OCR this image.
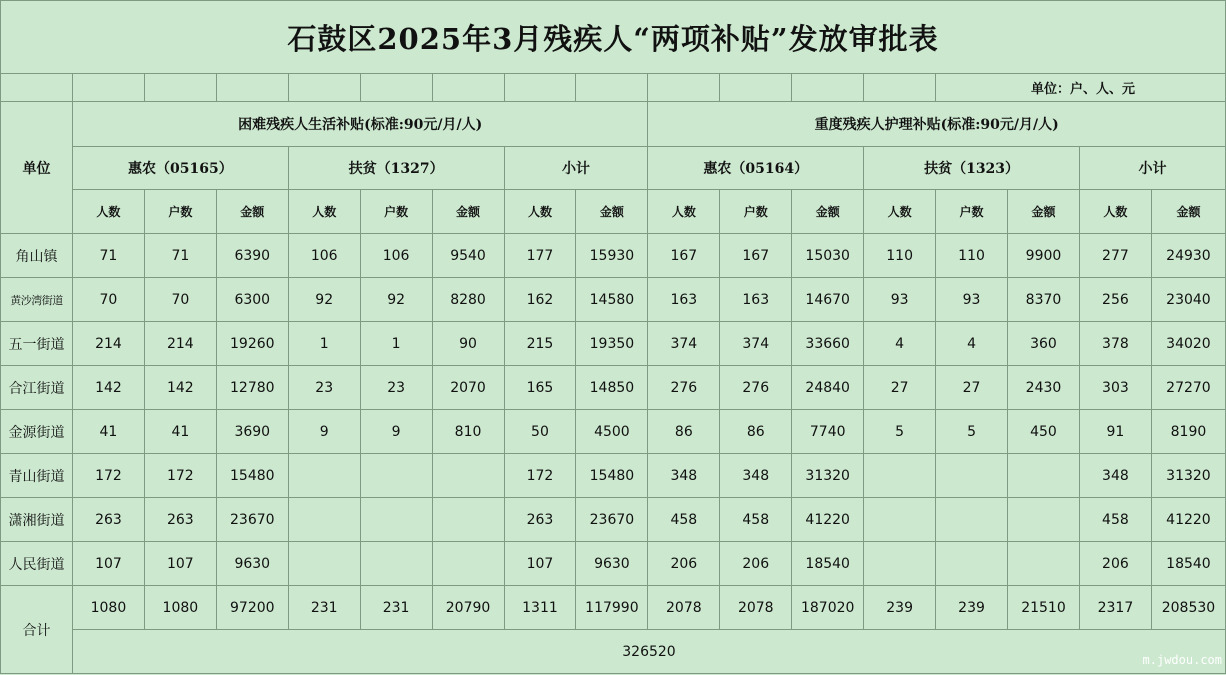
石鼓区2025年3月残疾人“两项补贴”发放审批表																
													单位：户、人、元			
单位	困难残疾人生活补贴(标准:90元/月/人)								重度残疾人护理补贴(标准:90元/月/人)							
	惠农（05165）			扶贫（1327）			小计		惠农（05164）			扶贫（1323）			小计	
	人数	户数	金额	人数	户数	金额	人数	金额	人数	户数	金额	人数	户数	金额	人数	金额
角山镇	71	71	6390	106	106	9540	177	15930	167	167	15030	110	110	9900	277	24930
黄沙湾街道	70	70	6300	92	92	8280	162	14580	163	163	14670	93	93	8370	256	23040
五一街道	214	214	19260	1	1	90	215	19350	374	374	33660	4	4	360	378	34020
合江街道	142	142	12780	23	23	2070	165	14850	276	276	24840	27	27	2430	303	27270
金源街道	41	41	3690	9	9	810	50	4500	86	86	7740	5	5	450	91	8190
青山街道	172	172	15480				172	15480	348	348	31320				348	31320
潇湘街道	263	263	23670				263	23670	458	458	41220				458	41220
人民街道	107	107	9630				107	9630	206	206	18540				206	18540
合计	1080	1080	97200	231	231	20790	1311	117990	2078	2078	187020	239	239	21510	2317	208530
	326520															
m.jwdou.com
